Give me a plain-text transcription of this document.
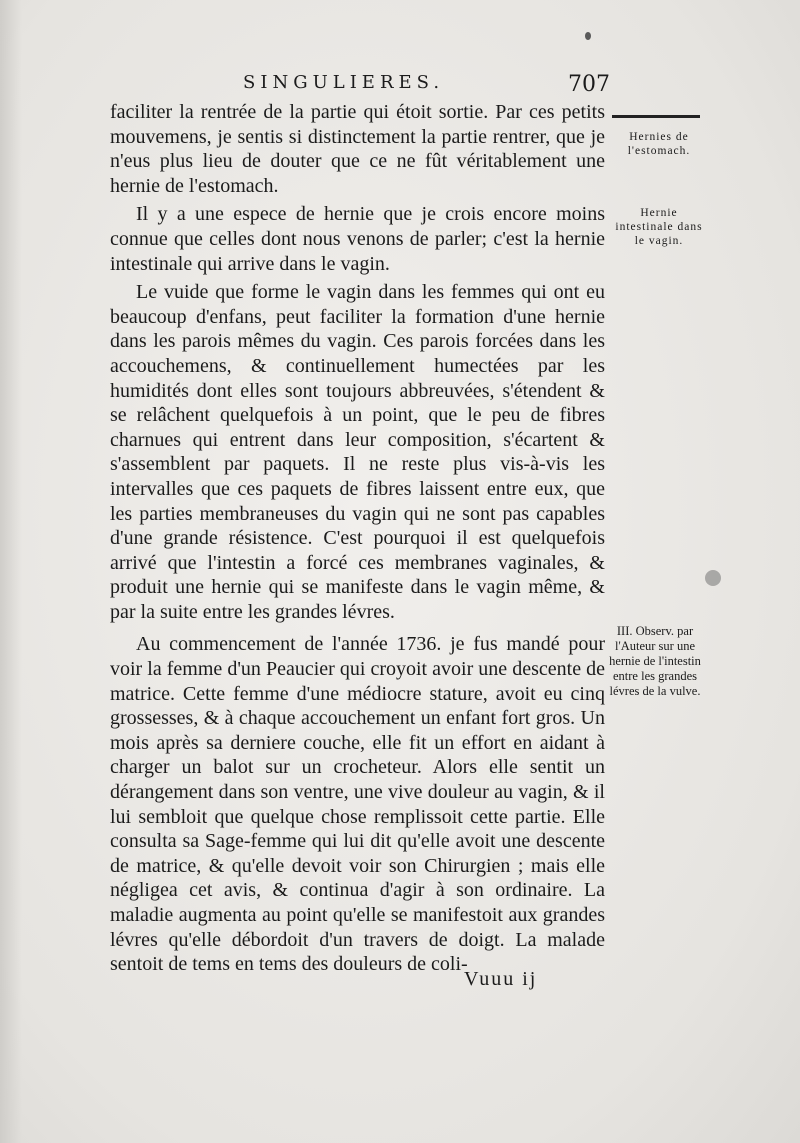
SINGULIERES.	707

faciliter la rentrée de la partie qui étoit sortie. Par ces petits mouvemens, je sentis si distinctement la partie rentrer, que je n'eus plus lieu de douter que ce ne fût véritablement une hernie de l'estomach.

Il y a une espece de hernie que je crois encore moins connue que celles dont nous venons de parler; c'est la hernie intestinale qui arrive dans le vagin.

Le vuide que forme le vagin dans les femmes qui ont eu beaucoup d'enfans, peut faciliter la formation d'une hernie dans les parois mêmes du vagin. Ces parois forcées dans les accouchemens, & continuellement humectées par les humidités dont elles sont toujours abbreuvées, s'étendent & se relâchent quelquefois à un point, que le peu de fibres charnues qui entrent dans leur composition, s'écartent & s'assemblent par paquets. Il ne reste plus vis-à-vis les intervalles que ces paquets de fibres laissent entre eux, que les parties membraneuses du vagin qui ne sont pas capables d'une grande résistence. C'est pourquoi il est quelquefois arrivé que l'intestin a forcé ces membranes vaginales, & produit une hernie qui se manifeste dans le vagin même, & par la suite entre les grandes lévres.

Au commencement de l'année 1736. je fus mandé pour voir la femme d'un Peaucier qui croyoit avoir une descente de matrice. Cette femme d'une médiocre stature, avoit eu cinq grossesses, & à chaque accouchement un enfant fort gros. Un mois après sa derniere couche, elle fit un effort en aidant à charger un balot sur un crocheteur. Alors elle sentit un dérangement dans son ventre, une vive douleur au vagin, & il lui sembloit que quelque chose remplissoit cette partie. Elle consulta sa Sage-femme qui lui dit qu'elle avoit une descente de matrice, & qu'elle devoit voir son Chirurgien ; mais elle négligea cet avis, & continua d'agir à son ordinaire. La maladie augmenta au point qu'elle se manifestoit aux grandes lévres qu'elle débordoit d'un travers de doigt. La malade sentoit de tems en tems des douleurs de coli-

Vuuu ij
Hernies de l'estomach.
Hernie intestinale dans le vagin.
III. Observ. par l'Auteur sur une hernie de l'intestin entre les grandes lévres de la vulve.
